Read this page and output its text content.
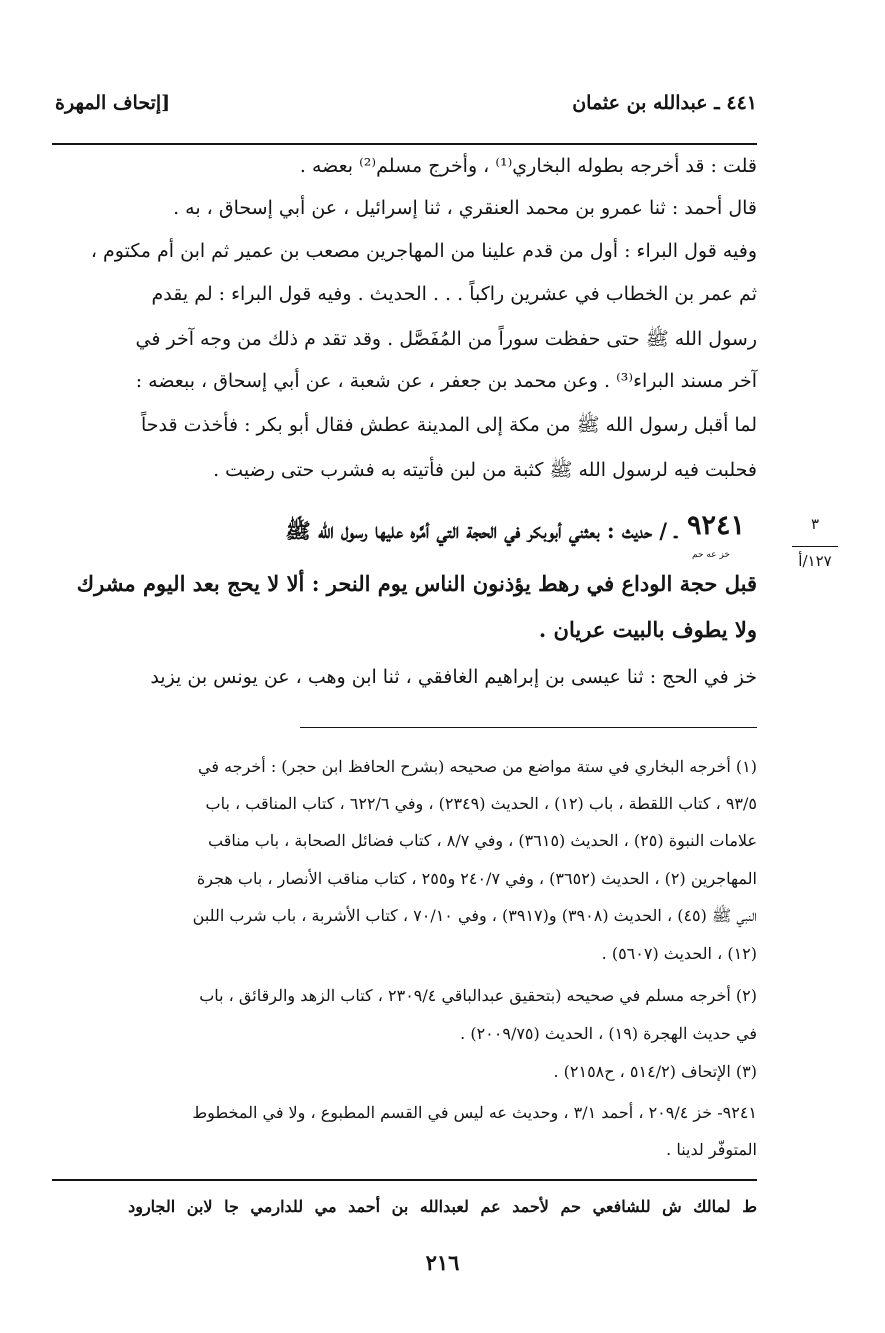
٤٤١ ـ عبدالله بن عثمان
[إتحاف المهرة
قلت : قد أخرجه بطوله البخاري⁽¹⁾ ، وأخرج مسلم⁽²⁾ بعضه .
قال أحمد : ثنا عمرو بن محمد العنقري ، ثنا إسرائيل ، عن أبي إسحاق ، به .
وفيه قول البراء : أول من قدم علينا من المهاجرين مصعب بن عمير ثم ابن أم مكتوم ،
ثم عمر بن الخطاب في عشرين راكباً . . . الحديث . وفيه قول البراء : لم يقدم
رسول الله ﷺ حتى حفظت سوراً من المُفَصَّل . وقد تقد م ذلك من وجه آخر في
آخر مسند البراء⁽³⁾ . وعن محمد بن جعفر ، عن شعبة ، عن أبي إسحاق ، ببعضه :
لما أقبل رسول الله ﷺ من مكة إلى المدينة عطش فقال أبو بكر : فأخذت قدحاً
فحلبت فيه لرسول الله ﷺ كثبة من لبن فأتيته به فشرب حتى رضيت .
٩٢٤١
خز عه حم
ـ / حديث : بعثني أبوبكر في الحجة التي أمَّره عليها رسول الله ﷺ
قبل حجة الوداع في رهط يؤذنون الناس يوم النحر : ألا لا يحج بعد اليوم مشرك
ولا يطوف بالبيت عريان .
٣
١٢٧/أ
خز في الحج : ثنا عيسى بن إبراهيم الغافقي ، ثنا ابن وهب ، عن يونس بن يزيد
(١) أخرجه البخاري في ستة مواضع من صحيحه (بشرح الحافظ ابن حجر) : أخرجه في
٩٣/٥ ، كتاب اللقطة ، باب (١٢) ، الحديث (٢٣٤٩) ، وفي ٦٢٢/٦ ، كتاب المناقب ، باب
علامات النبوة (٢٥) ، الحديث (٣٦١٥) ، وفي ٨/٧ ، كتاب فضائل الصحابة ، باب مناقب
المهاجرين (٢) ، الحديث (٣٦٥٢) ، وفي ٢٤٠/٧ و٢٥٥ ، كتاب مناقب الأنصار ، باب هجرة
النبي ﷺ (٤٥) ، الحديث (٣٩٠٨) و(٣٩١٧) ، وفي ٧٠/١٠ ، كتاب الأشربة ، باب شرب اللبن
(١٢) ، الحديث (٥٦٠٧) .
(٢) أخرجه مسلم في صحيحه (بتحقيق عبدالباقي ٢٣٠٩/٤ ، كتاب الزهد والرقائق ، باب
في حديث الهجرة (١٩) ، الحديث (٢٠٠٩/٧٥) .
(٣) الإتحاف (٥١٤/٢ ، ح٢١٥٨) .
٩٢٤١- خز ٢٠٩/٤ ، أحمد ٣/١ ، وحديث عه ليس في القسم المطبوع ، ولا في المخطوط
المتوفّر لدينا .
ط لمالك ش للشافعي حم لأحمد عم لعبدالله بن أحمد مي للدارمي جا لابن الجارود
٢١٦
